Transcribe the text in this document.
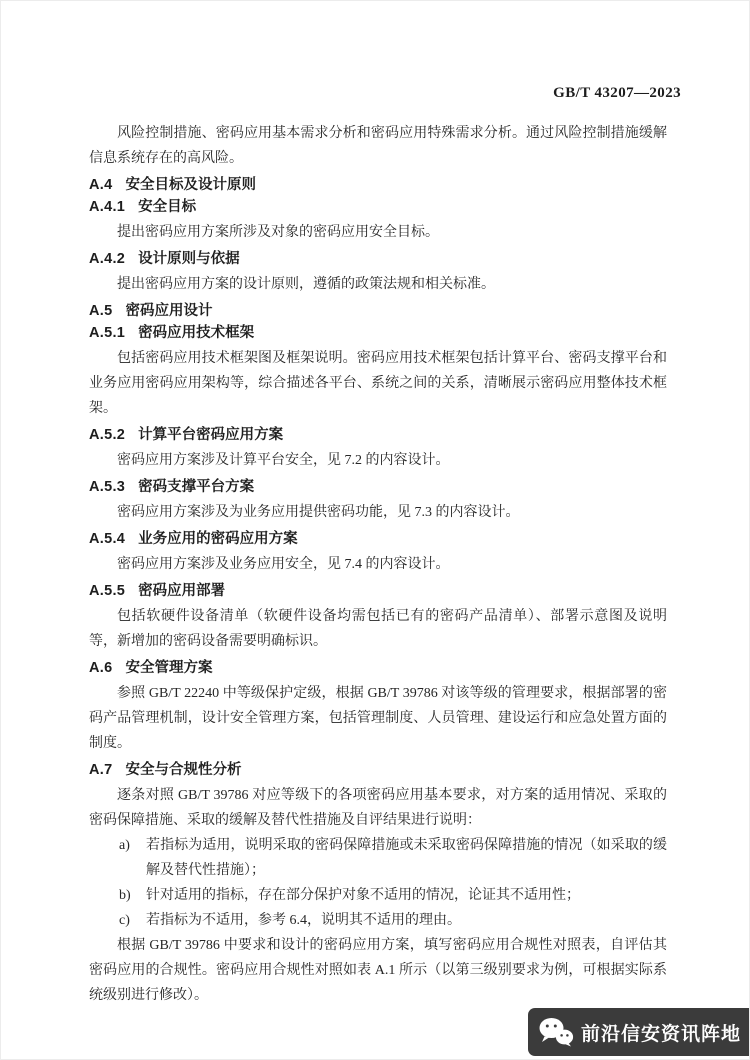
GB/T 43207—2023

风险控制措施、密码应用基本需求分析和密码应用特殊需求分析。通过风险控制措施缓解信息系统存在的高风险。

A.4 安全目标及设计原则
A.4.1 安全目标

提出密码应用方案所涉及对象的密码应用安全目标。

A.4.2 设计原则与依据

提出密码应用方案的设计原则，遵循的政策法规和相关标准。

A.5 密码应用设计
A.5.1 密码应用技术框架

包括密码应用技术框架图及框架说明。密码应用技术框架包括计算平台、密码支撑平台和业务应用密码应用架构等，综合描述各平台、系统之间的关系，清晰展示密码应用整体技术框架。

A.5.2 计算平台密码应用方案

密码应用方案涉及计算平台安全，见 7.2 的内容设计。

A.5.3 密码支撑平台方案

密码应用方案涉及为业务应用提供密码功能，见 7.3 的内容设计。

A.5.4 业务应用的密码应用方案

密码应用方案涉及业务应用安全，见 7.4 的内容设计。

A.5.5 密码应用部署

包括软硬件设备清单（软硬件设备均需包括已有的密码产品清单）、部署示意图及说明等，新增加的密码设备需要明确标识。

A.6 安全管理方案

参照 GB/T 22240 中等级保护定级，根据 GB/T 39786 对该等级的管理要求，根据部署的密码产品管理机制，设计安全管理方案，包括管理制度、人员管理、建设运行和应急处置方面的制度。

A.7 安全与合规性分析

逐条对照 GB/T 39786 对应等级下的各项密码应用基本要求，对方案的适用情况、采取的密码保障措施、采取的缓解及替代性措施及自评结果进行说明：

a)	若指标为适用，说明采取的密码保障措施或未采取密码保障措施的情况（如采取的缓解及替代性措施）；
b)	针对适用的指标，存在部分保护对象不适用的情况，论证其不适用性；
c)	若指标为不适用，参考 6.4，说明其不适用的理由。

根据 GB/T 39786 中要求和设计的密码应用方案，填写密码应用合规性对照表，自评估其密码应用的合规性。密码应用合规性对照如表 A.1 所示（以第三级别要求为例，可根据实际系统级别进行修改）。

前沿信安资讯阵地
